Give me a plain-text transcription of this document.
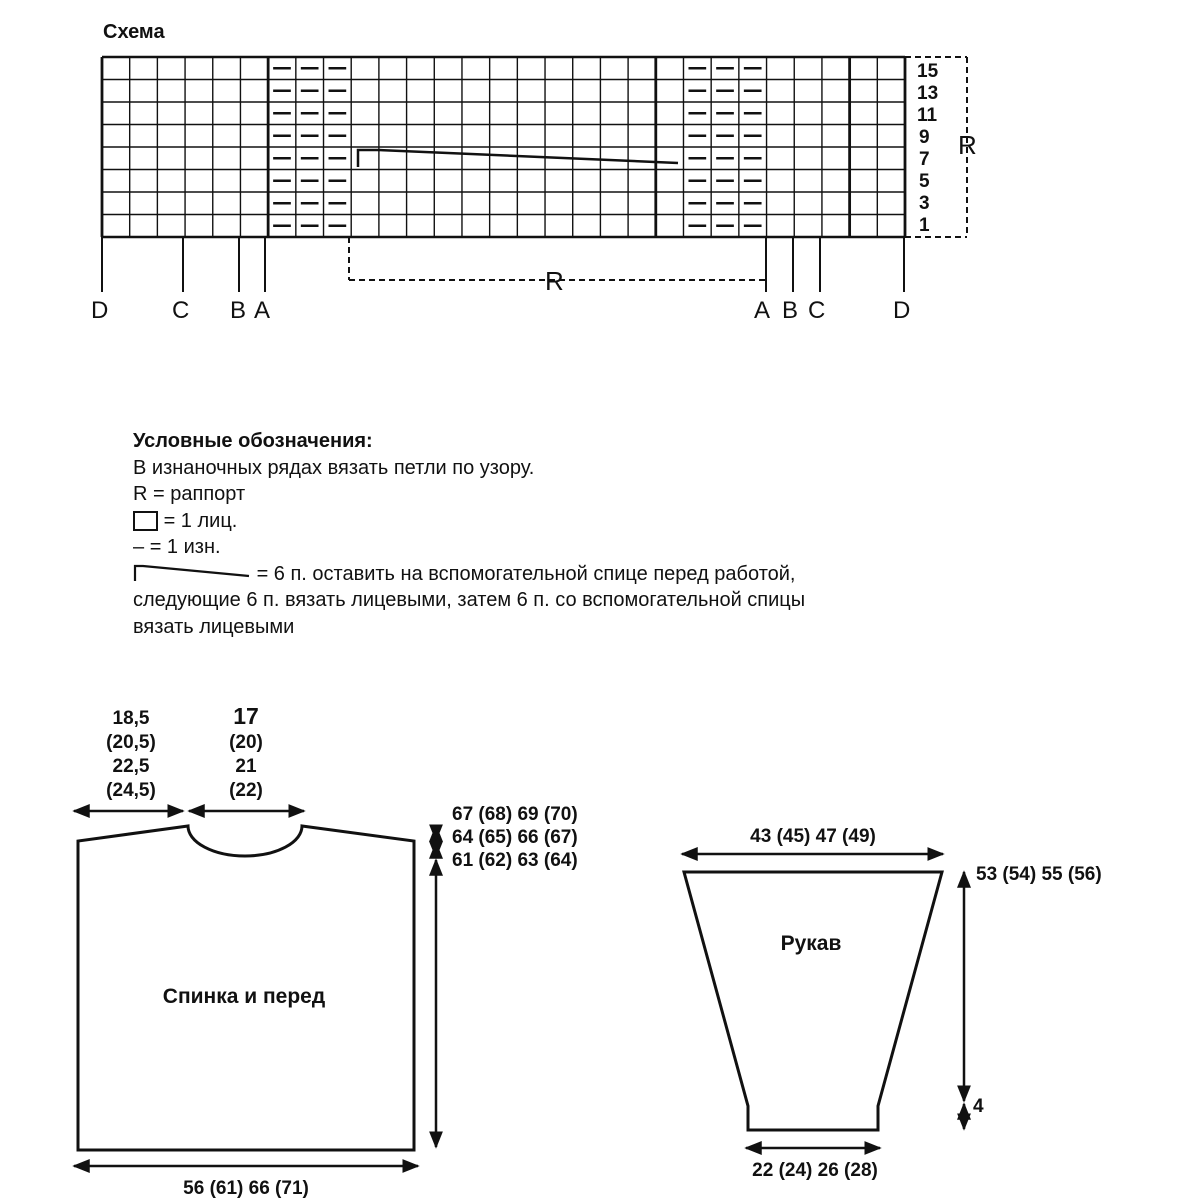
Схема
R
15
13
11
9
7
5
3
1
R
D	C B A	A B C	D
Спинка и перед
18,5
(20,5)
22,5
(24,5)
17
(20)
21
(22)
67 (68) 69 (70)
64 (65) 66 (67)
61 (62) 63 (64)
56 (61) 66 (71)
Рукав
43 (45) 47 (49)
53 (54) 55 (56)
4
22 (24) 26 (28)
Условные обозначения:
В изнаночных рядах вязать петли по узору.
R = раппорт
= 1 лиц.
– = 1 изн.
= 6 п. оставить на вспомогательной спице перед работой,
следующие 6 п. вязать лицевыми, затем 6 п. со вспомогательной спицы
вязать лицевыми
